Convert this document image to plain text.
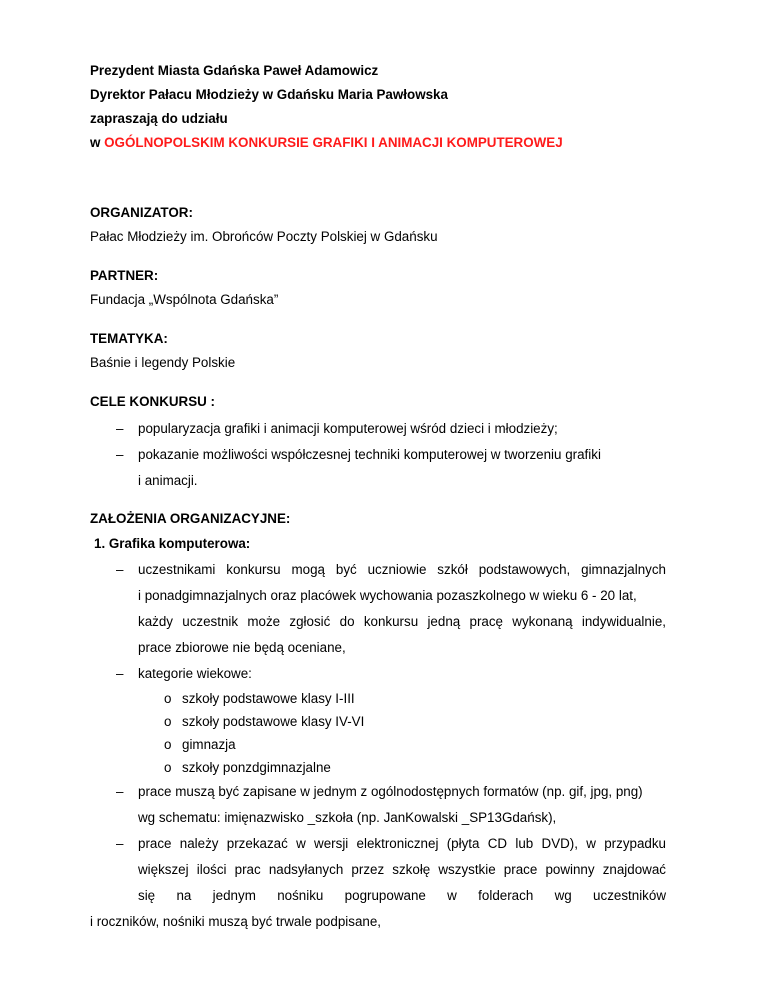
Prezydent Miasta Gdańska Paweł Adamowicz
Dyrektor Pałacu Młodzieży w Gdańsku Maria Pawłowska
zapraszają do udziału
w OGÓLNOPOLSKIM KONKURSIE GRAFIKI I ANIMACJI KOMPUTEROWEJ
ORGANIZATOR:
Pałac Młodzieży im. Obrońców Poczty Polskiej w Gdańsku
PARTNER:
Fundacja „Wspólnota Gdańska”
TEMATYKA:
Baśnie i legendy Polskie
CELE KONKURSU :
– popularyzacja grafiki i animacji komputerowej wśród dzieci i młodzieży;
– pokazanie możliwości współczesnej techniki komputerowej w tworzeniu grafiki
i animacji.
ZAŁOŻENIA ORGANIZACYJNE:
1. Grafika komputerowa:
– uczestnikami konkursu mogą być uczniowie szkół podstawowych, gimnazjalnych
i ponadgimnazjalnych oraz placówek wychowania pozaszkolnego w wieku 6 - 20 lat,
każdy uczestnik może zgłosić do konkursu jedną pracę wykonaną indywidualnie,
prace zbiorowe nie będą oceniane,
– kategorie wiekowe:
o szkoły podstawowe klasy I-III
o szkoły podstawowe klasy IV-VI
o gimnazja
o szkoły ponzdgimnazjalne
– prace muszą być zapisane w jednym z ogólnodostępnych formatów (np. gif, jpg, png)
wg schematu: imięnazwisko _szkoła (np. JanKowalski _SP13Gdańsk),
– prace należy przekazać w wersji elektronicznej (płyta CD lub DVD), w przypadku
większej ilości prac nadsyłanych przez szkołę wszystkie prace powinny znajdować
się na jednym nośniku pogrupowane w folderach wg uczestników
i roczników, nośniki muszą być trwale podpisane,
